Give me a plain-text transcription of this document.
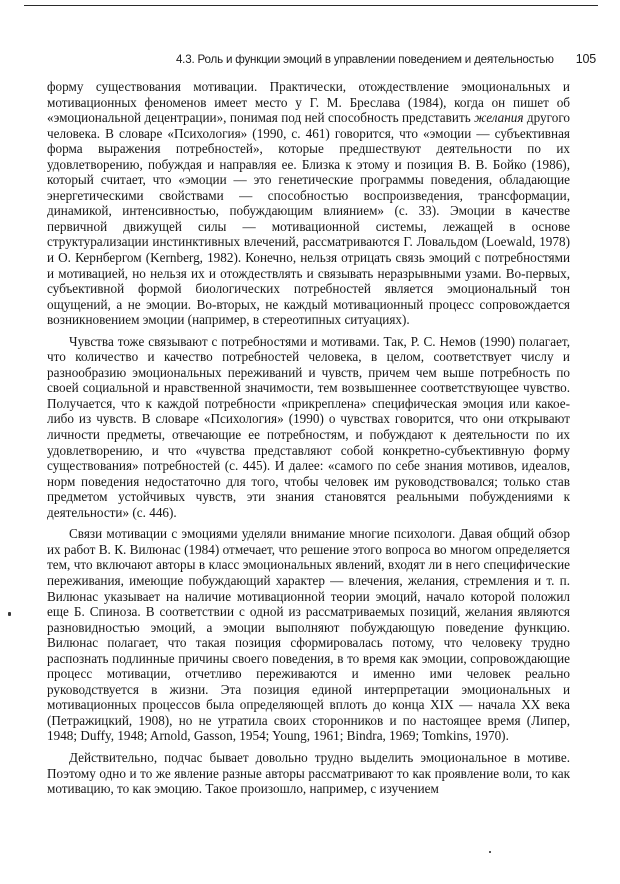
4.3. Роль и функции эмоций в управлении поведением и деятельностью 105

форму существования мотивации. Практически, отождествление эмоциональных и мотивационных феноменов имеет место у Г. М. Бреслава (1984), когда он пишет об «эмоциональной децентрации», понимая под ней способность представить желания другого человека. В словаре «Психология» (1990, с. 461) говорится, что «эмоции — субъективная форма выражения потребностей», которые предшествуют деятельности по их удовлетворению, побуждая и направляя ее. Близка к этому и позиция В. В. Бойко (1986), который считает, что «эмоции — это генетические программы поведения, обладающие энергетическими свойствами — способностью воспроизведения, трансформации, динамикой, интенсивностью, побуждающим влиянием» (с. 33). Эмоции в качестве первичной движущей силы — мотивационной системы, лежащей в основе структурализации инстинктивных влечений, рассматриваются Г. Ловальдом (Loewald, 1978) и О. Кернбергом (Kernberg, 1982). Конечно, нельзя отрицать связь эмоций с потребностями и мотивацией, но нельзя их и отождествлять и связывать неразрывными узами. Во-первых, субъективной формой биологических потребностей является эмоциональный тон ощущений, а не эмоции. Во-вторых, не каждый мотивационный процесс сопровождается возникновением эмоции (например, в стереотипных ситуациях).

Чувства тоже связывают с потребностями и мотивами. Так, Р. С. Немов (1990) полагает, что количество и качество потребностей человека, в целом, соответствует числу и разнообразию эмоциональных переживаний и чувств, причем чем выше потребность по своей социальной и нравственной значимости, тем возвышеннее соответствующее чувство. Получается, что к каждой потребности «прикреплена» специфическая эмоция или какое-либо из чувств. В словаре «Психология» (1990) о чувствах говорится, что они открывают личности предметы, отвечающие ее потребностям, и побуждают к деятельности по их удовлетворению, и что «чувства представляют собой конкретно-субъективную форму существования» потребностей (с. 445). И далее: «самого по себе знания мотивов, идеалов, норм поведения недостаточно для того, чтобы человек им руководствовался; только став предметом устойчивых чувств, эти знания становятся реальными побуждениями к деятельности» (с. 446).

Связи мотивации с эмоциями уделяли внимание многие психологи. Давая общий обзор их работ В. К. Вилюнас (1984) отмечает, что решение этого вопроса во многом определяется тем, что включают авторы в класс эмоциональных явлений, входят ли в него специфические переживания, имеющие побуждающий характер — влечения, желания, стремления и т. п. Вилюнас указывает на наличие мотивационной теории эмоций, начало которой положил еще Б. Спиноза. В соответствии с одной из рассматриваемых позиций, желания являются разновидностью эмоций, а эмоции выполняют побуждающую поведение функцию. Вилюнас полагает, что такая позиция сформировалась потому, что человеку трудно распознать подлинные причины своего поведения, в то время как эмоции, сопровождающие процесс мотивации, отчетливо переживаются и именно ими человек реально руководствуется в жизни. Эта позиция единой интерпретации эмоциональных и мотивационных процессов была определяющей вплоть до конца XIX — начала XX века (Петражицкий, 1908), но не утратила своих сторонников и по настоящее время (Липер, 1948; Duffy, 1948; Arnold, Gasson, 1954; Young, 1961; Bindra, 1969; Tomkins, 1970).

Действительно, подчас бывает довольно трудно выделить эмоциональное в мотиве. Поэтому одно и то же явление разные авторы рассматривают то как проявление воли, то как мотивацию, то как эмоцию. Такое произошло, например, с изучением
